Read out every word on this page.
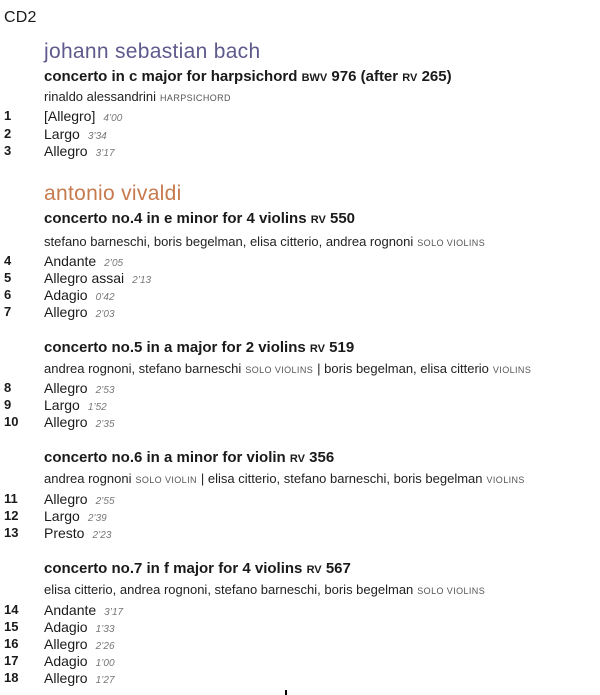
CD2
johann sebastian bach
concerto in c major for harpsichord BWV 976 (after RV 265)
rinaldo alessandrini HARPSICHORD
1	[Allegro] 4’00
2	Largo 3’34
3	Allegro 3’17
antonio vivaldi
concerto no.4 in e minor for 4 violins RV 550
stefano barneschi, boris begelman, elisa citterio, andrea rognoni SOLO VIOLINS
4	Andante 2’05
5	Allegro assai 2’13
6	Adagio 0’42
7	Allegro 2’03
concerto no.5 in a major for 2 violins RV 519
andrea rognoni, stefano barneschi SOLO VIOLINS | boris begelman, elisa citterio VIOLINS
8	Allegro 2’53
9	Largo 1’52
10	Allegro 2’35
concerto no.6 in a minor for violin RV 356
andrea rognoni SOLO VIOLIN | elisa citterio, stefano barneschi, boris begelman VIOLINS
11	Allegro 2’55
12	Largo 2’39
13	Presto 2’23
concerto no.7 in f major for 4 violins RV 567
elisa citterio, andrea rognoni, stefano barneschi, boris begelman SOLO VIOLINS
14	Andante 3’17
15	Adagio 1’33
16	Allegro 2’26
17	Adagio 1’00
18	Allegro 1’27
